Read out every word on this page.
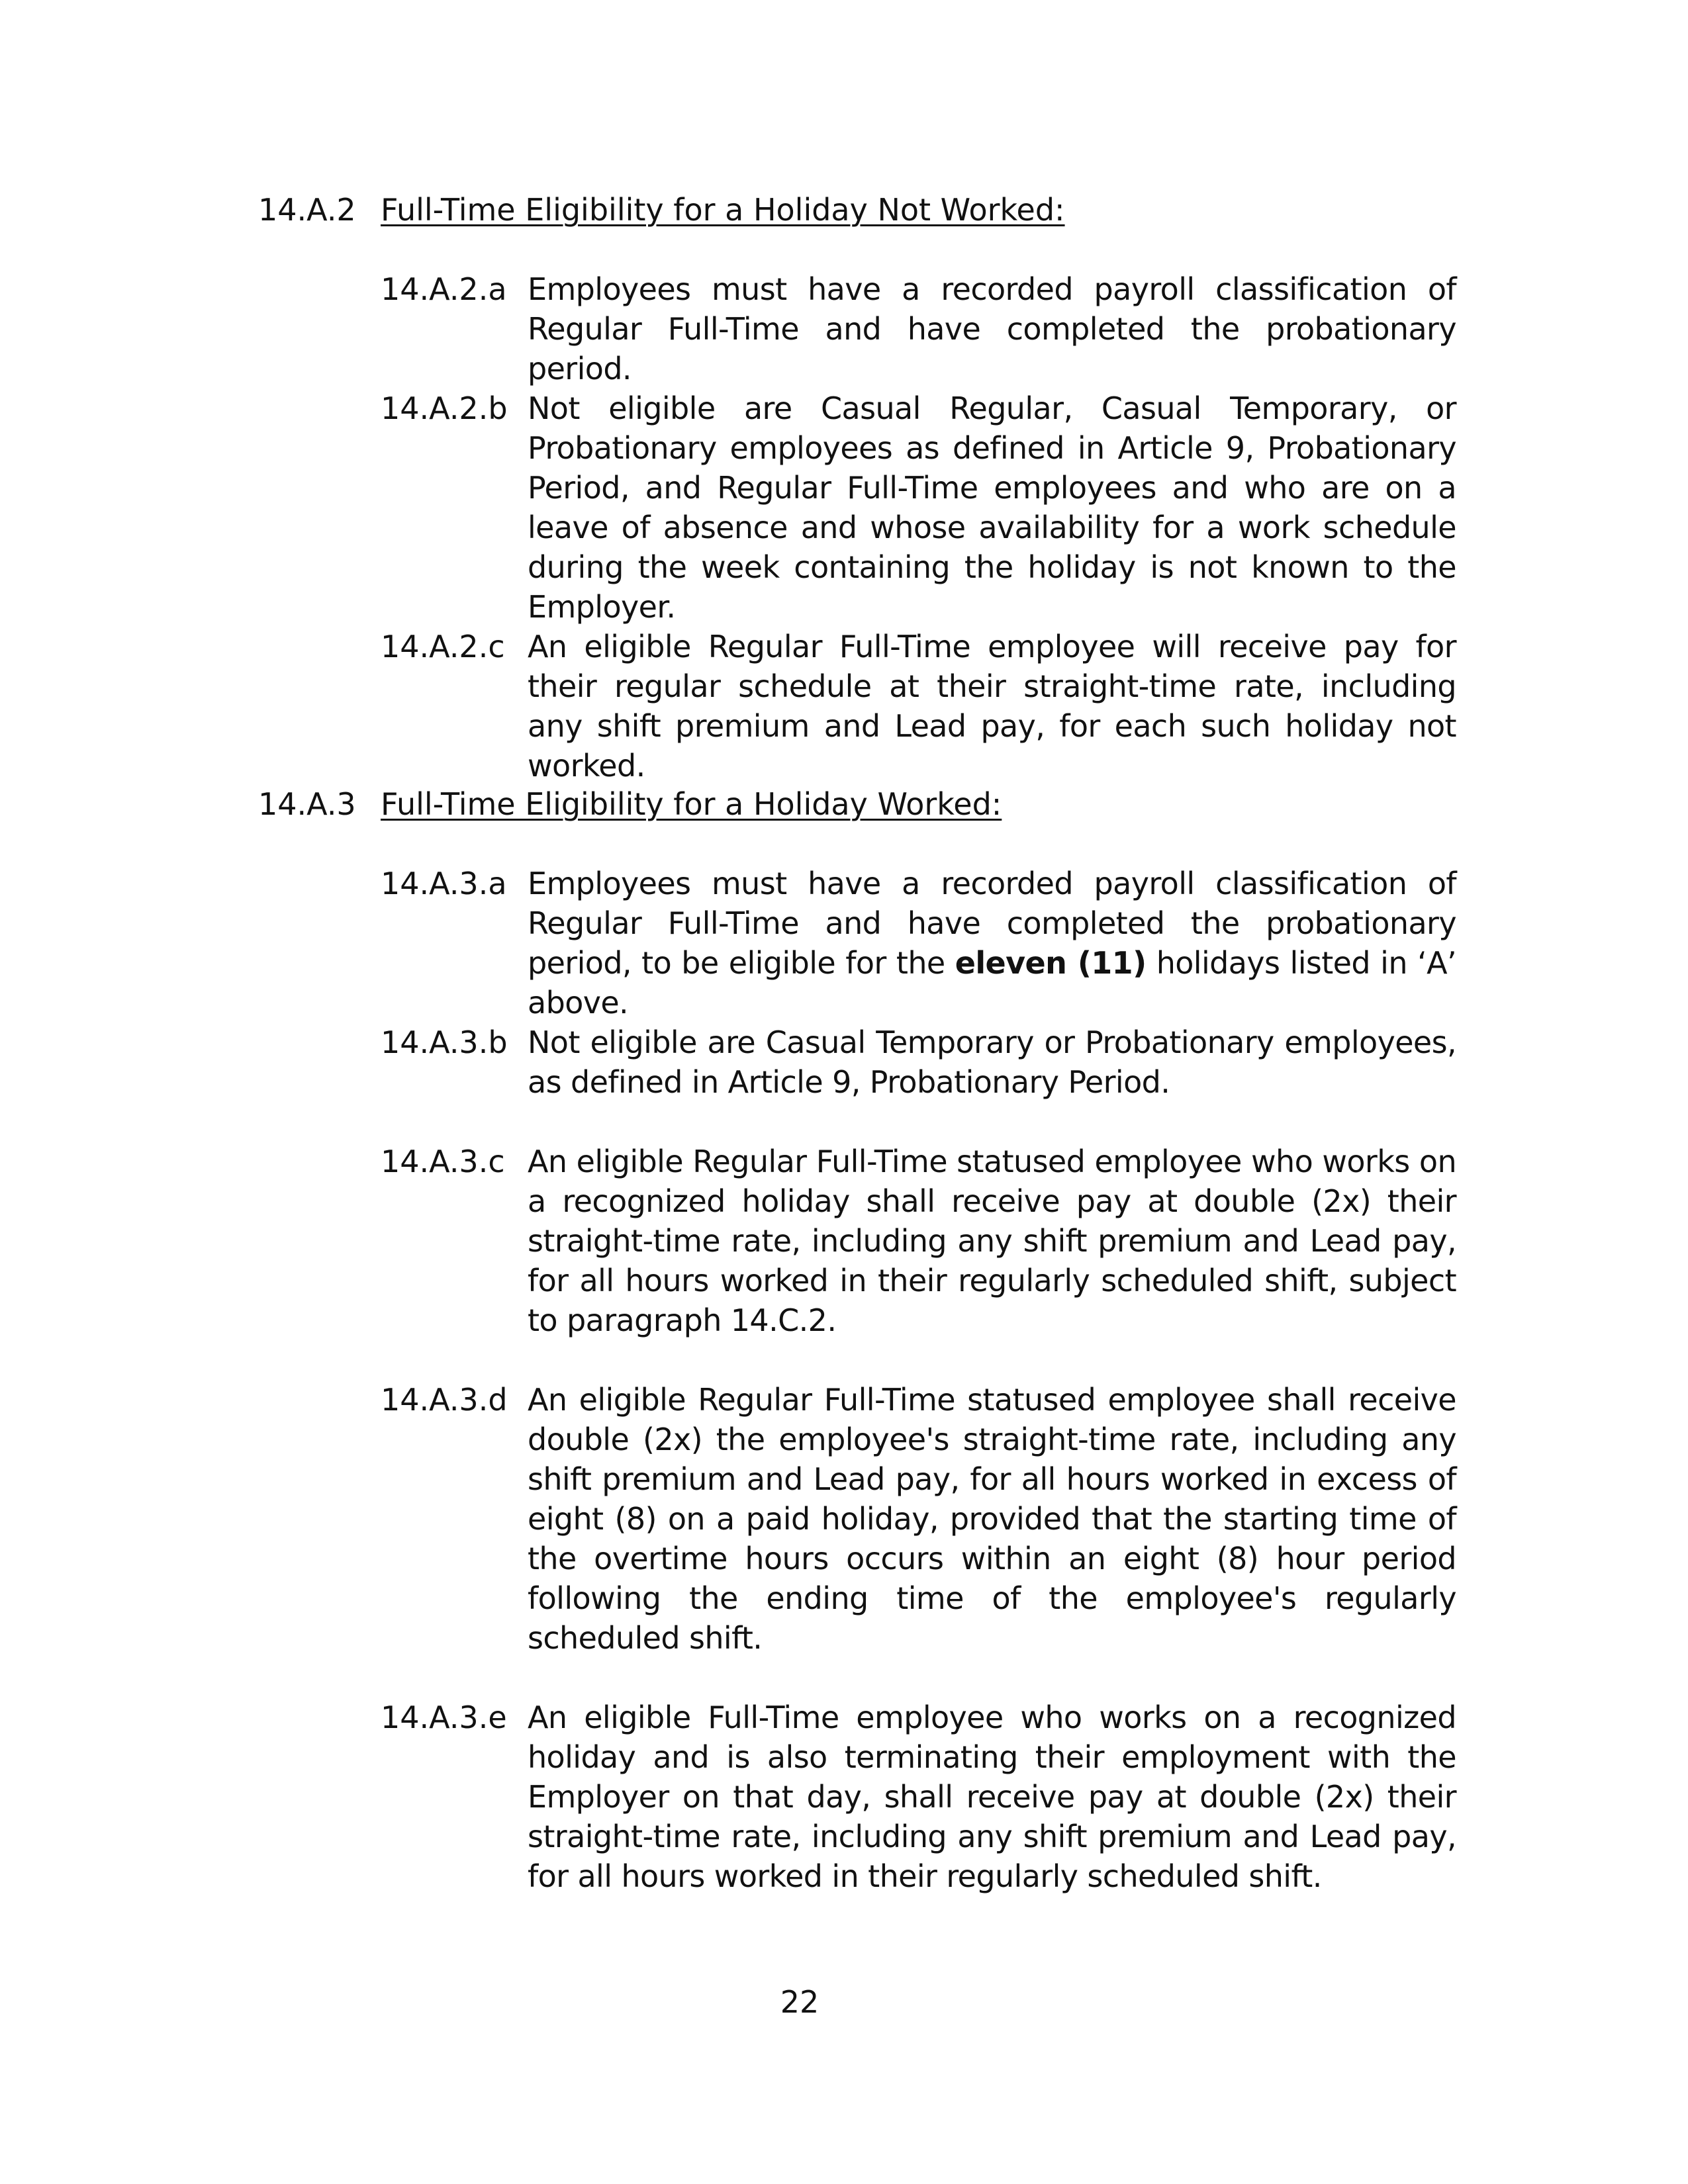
14.A.2 Full-Time Eligibility for a Holiday Not Worked:
14.A.2.a Employees must have a recorded payroll classification of Regular Full-Time and have completed the probationary period.
14.A.2.b Not eligible are Casual Regular, Casual Temporary, or Probationary employees as defined in Article 9, Probationary Period, and Regular Full-Time employees and who are on a leave of absence and whose availability for a work schedule during the week containing the holiday is not known to the Employer.
14.A.2.c An eligible Regular Full-Time employee will receive pay for their regular schedule at their straight-time rate, including any shift premium and Lead pay, for each such holiday not worked.
14.A.3 Full-Time Eligibility for a Holiday Worked:
14.A.3.a Employees must have a recorded payroll classification of Regular Full-Time and have completed the probationary period, to be eligible for the eleven (11) holidays listed in ‘A’ above.
14.A.3.b Not eligible are Casual Temporary or Probationary employees, as defined in Article 9, Probationary Period.
14.A.3.c An eligible Regular Full-Time statused employee who works on a recognized holiday shall receive pay at double (2x) their straight-time rate, including any shift premium and Lead pay, for all hours worked in their regularly scheduled shift, subject to paragraph 14.C.2.
14.A.3.d An eligible Regular Full-Time statused employee shall receive double (2x) the employee's straight-time rate, including any shift premium and Lead pay, for all hours worked in excess of eight (8) on a paid holiday, provided that the starting time of the overtime hours occurs within an eight (8) hour period following the ending time of the employee's regularly scheduled shift.
14.A.3.e An eligible Full-Time employee who works on a recognized holiday and is also terminating their employment with the Employer on that day, shall receive pay at double (2x) their straight-time rate, including any shift premium and Lead pay, for all hours worked in their regularly scheduled shift.
22
